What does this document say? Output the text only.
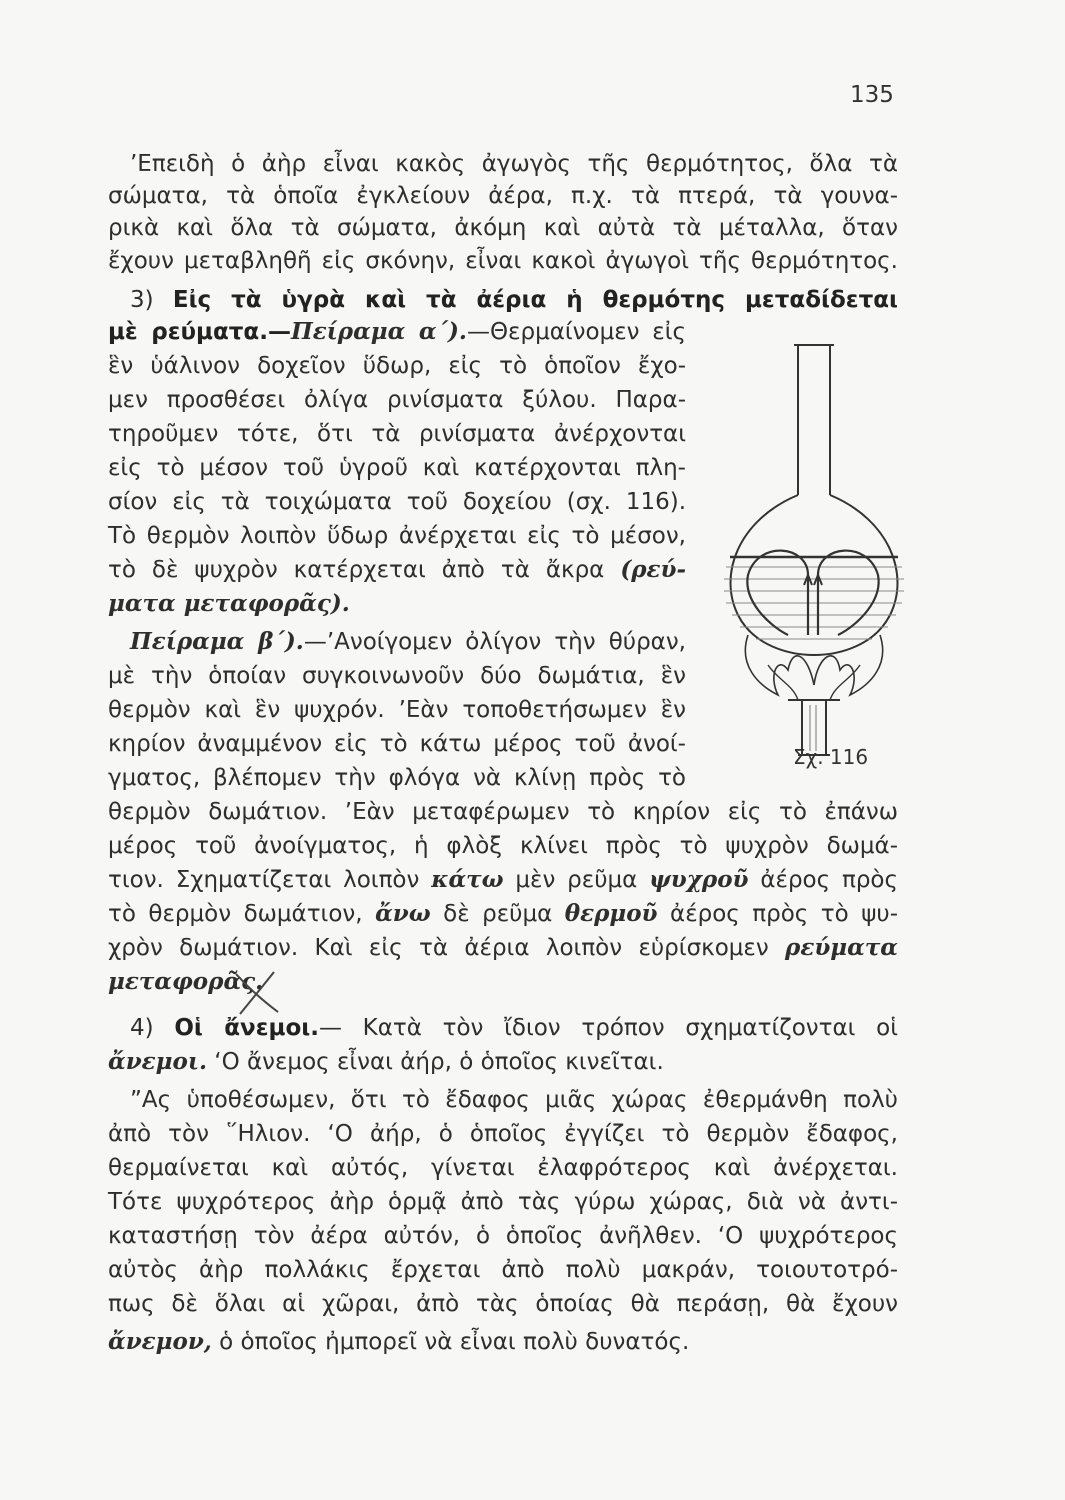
135
’Επειδὴ ὁ ἀὴρ εἶναι κακὸς ἀγωγὸς τῆς θερμότητος, ὅλα τὰ
σώματα, τὰ ὁποῖα ἐγκλείουν ἀέρα, π.χ. τὰ πτερά, τὰ γουνα-
ρικὰ καὶ ὅλα τὰ σώματα, ἀκόμη καὶ αὐτὰ τὰ μέταλλα, ὅταν
ἔχουν μεταβληθῆ εἰς σκόνην, εἶναι κακοὶ ἀγωγοὶ τῆς θερμότητος.
3) Εἰς τὰ ὑγρὰ καὶ τὰ ἀέρια ἡ θερμότης μεταδίδεται
μὲ ρεύματα.—Πείραμα α΄).—Θερμαίνομεν εἰς
ἓν ὑάλινον δοχεῖον ὕδωρ, εἰς τὸ ὁποῖον ἔχο-
μεν προσθέσει ὀλίγα ρινίσματα ξύλου. Παρα-
τηροῦμεν τότε, ὅτι τὰ ρινίσματα ἀνέρχονται
εἰς τὸ μέσον τοῦ ὑγροῦ καὶ κατέρχονται πλη-
σίον εἰς τὰ τοιχώματα τοῦ δοχείου (σχ. 116).
Τὸ θερμὸν λοιπὸν ὕδωρ ἀνέρχεται εἰς τὸ μέσον,
τὸ δὲ ψυχρὸν κατέρχεται ἀπὸ τὰ ἄκρα (ρεύ-
ματα μεταφορᾶς).
Πείραμα β΄).—’Ανοίγομεν ὀλίγον τὴν θύραν,
μὲ τὴν ὁποίαν συγκοινωνοῦν δύο δωμάτια, ἓν
θερμὸν καὶ ἓν ψυχρόν. ’Εὰν τοποθετήσωμεν ἓν
κηρίον ἀναμμένον εἰς τὸ κάτω μέρος τοῦ ἀνοί-
γματος, βλέπομεν τὴν φλόγα νὰ κλίνῃ πρὸς τὸ
θερμὸν δωμάτιον. ’Εὰν μεταφέρωμεν τὸ κηρίον εἰς τὸ ἐπάνω
μέρος τοῦ ἀνοίγματος, ἡ φλὸξ κλίνει πρὸς τὸ ψυχρὸν δωμά-
τιον. Σχηματίζεται λοιπὸν κάτω μὲν ρεῦμα ψυχροῦ ἀέρος πρὸς
τὸ θερμὸν δωμάτιον, ἄνω δὲ ρεῦμα θερμοῦ ἀέρος πρὸς τὸ ψυ-
χρὸν δωμάτιον. Καὶ εἰς τὰ ἀέρια λοιπὸν εὑρίσκομεν ρεύματα
μεταφορᾶς.
4) Οἱ ἄνεμοι.— Κατὰ τὸν ἴδιον τρόπον σχηματίζονται οἱ
ἄνεμοι. ‘Ο ἄνεμος εἶναι ἀήρ, ὁ ὁποῖος κινεῖται.
”Ας ὑποθέσωμεν, ὅτι τὸ ἔδαφος μιᾶς χώρας ἐθερμάνθη πολὺ
ἀπὸ τὸν ῞Ηλιον. ‘Ο ἀήρ, ὁ ὁποῖος ἐγγίζει τὸ θερμὸν ἔδαφος,
θερμαίνεται καὶ αὐτός, γίνεται ἐλαφρότερος καὶ ἀνέρχεται.
Τότε ψυχρότερος ἀὴρ ὁρμᾷ ἀπὸ τὰς γύρω χώρας, διὰ νὰ ἀντι-
καταστήσῃ τὸν ἀέρα αὐτόν, ὁ ὁποῖος ἀνῆλθεν. ‘Ο ψυχρότερος
αὐτὸς ἀὴρ πολλάκις ἔρχεται ἀπὸ πολὺ μακράν, τοιουτοτρό-
πως δὲ ὅλαι αἱ χῶραι, ἀπὸ τὰς ὁποίας θὰ περάσῃ, θὰ ἔχουν
ἄνεμον, ὁ ὁποῖος ἠμπορεῖ νὰ εἶναι πολὺ δυνατός.
Σχ. 116
